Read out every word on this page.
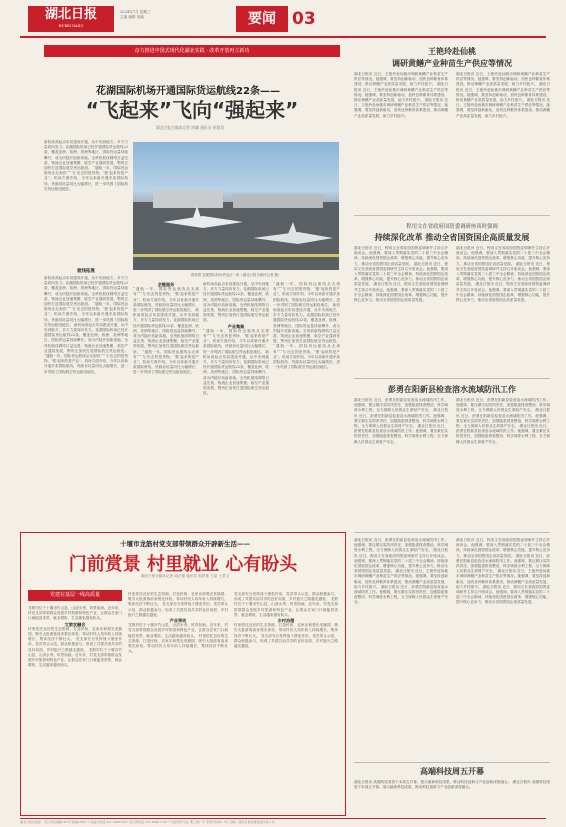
湖北日报
HUBEI DAILY
2024年7月 星期三
主编 编辑 美编	要闻 03
奋力推进中国式现代化湖北实践 · 改革开放再立新功
花湖国际机场开通国际货运航线22条——
“飞起来”飞向“强起来”
湖北日报全媒体记者 周璐 通讯员 胡晨炅
新机场高起点布局建设开通，从中央到地方，多方力量同向发力。花湖国际机场已经开通国际货运航线22条，覆盖亚洲、欧洲、美洲等地区，国际货运量持续攀升，成为内陆开放新高地。全货机航线网络日益完善，物流企业加速集聚，临空产业蓬勃发展，鄂州正加快打造国际航空货运枢纽。 “通航一年，国际货运航线从无到有”“‘飞’出去的是货物，‘强’起来的是产业”。机场方面介绍，今年以来新开通多条国际航线，货邮吞吐量同比大幅增长，进一步巩固了国际航空货运枢纽地位。
航线拓展
新机场高起点布局建设开通，从中央到地方，多方力量同向发力。花湖国际机场已经开通国际货运航线22条，覆盖亚洲、欧洲、美洲等地区，国际货运量持续攀升，成为内陆开放新高地。全货机航线网络日益完善，物流企业加速集聚，临空产业蓬勃发展，鄂州正加快打造国际航空货运枢纽。 “通航一年，国际货运航线从无到有”“‘飞’出去的是货物，‘强’起来的是产业”。机场方面介绍，今年以来新开通多条国际航线，货邮吞吐量同比大幅增长，进一步巩固了国际航空货运枢纽地位。 新机场高起点布局建设开通，从中央到地方，多方力量同向发力。花湖国际机场已经开通国际货运航线22条，覆盖亚洲、欧洲、美洲等地区，国际货运量持续攀升，成为内陆开放新高地。全货机航线网络日益完善，物流企业加速集聚，临空产业蓬勃发展，鄂州正加快打造国际航空货运枢纽。 “通航一年，国际货运航线从无到有”“‘飞’出去的是货物，‘强’起来的是产业”。机场方面介绍，今年以来新开通多条国际航线，货邮吞吐量同比大幅增长，进一步巩固了国际航空货运枢纽地位。
资料图 花湖国际机场货运区一角（湖北日报全媒体记者 摄）
全链服务
“通航一年，国际货运航线从无到有”“‘飞’出去的是货物，‘强’起来的是产业”。机场方面介绍，今年以来新开通多条国际航线，货邮吞吐量同比大幅增长，进一步巩固了国际航空货运枢纽地位。 新机场高起点布局建设开通，从中央到地方，多方力量同向发力。花湖国际机场已经开通国际货运航线22条，覆盖亚洲、欧洲、美洲等地区，国际货运量持续攀升，成为内陆开放新高地。全货机航线网络日益完善，物流企业加速集聚，临空产业蓬勃发展，鄂州正加快打造国际航空货运枢纽。 “通航一年，国际货运航线从无到有”“‘飞’出去的是货物，‘强’起来的是产业”。机场方面介绍，今年以来新开通多条国际航线，货邮吞吐量同比大幅增长，进一步巩固了国际航空货运枢纽地位。
新机场高起点布局建设开通，从中央到地方，多方力量同向发力。花湖国际机场已经开通国际货运航线22条，覆盖亚洲、欧洲、美洲等地区，国际货运量持续攀升，成为内陆开放新高地。全货机航线网络日益完善，物流企业加速集聚，临空产业蓬勃发展，鄂州正加快打造国际航空货运枢纽。
产业集聚
“通航一年，国际货运航线从无到有”“‘飞’出去的是货物，‘强’起来的是产业”。机场方面介绍，今年以来新开通多条国际航线，货邮吞吐量同比大幅增长，进一步巩固了国际航空货运枢纽地位。 新机场高起点布局建设开通，从中央到地方，多方力量同向发力。花湖国际机场已经开通国际货运航线22条，覆盖亚洲、欧洲、美洲等地区，国际货运量持续攀升，成为内陆开放新高地。全货机航线网络日益完善，物流企业加速集聚，临空产业蓬勃发展，鄂州正加快打造国际航空货运枢纽。
“通航一年，国际货运航线从无到有”“‘飞’出去的是货物，‘强’起来的是产业”。机场方面介绍，今年以来新开通多条国际航线，货邮吞吐量同比大幅增长，进一步巩固了国际航空货运枢纽地位。 新机场高起点布局建设开通，从中央到地方，多方力量同向发力。花湖国际机场已经开通国际货运航线22条，覆盖亚洲、欧洲、美洲等地区，国际货运量持续攀升，成为内陆开放新高地。全货机航线网络日益完善，物流企业加速集聚，临空产业蓬勃发展，鄂州正加快打造国际航空货运枢纽。 “通航一年，国际货运航线从无到有”“‘飞’出去的是货物，‘强’起来的是产业”。机场方面介绍，今年以来新开通多条国际航线，货邮吞吐量同比大幅增长，进一步巩固了国际航空货运枢纽地位。
王艳玲赴仙桃
调研黄鳝产业种苗生产供应等情况
湖北日报讯 近日，王艳玲赴仙桃市调研黄鳝产业种苗生产供应等情况。她强调，要坚持创新驱动，加快良种繁育体系建设，推动黄鳝产业高质量发展，助力乡村振兴。 湖北日报讯 近日，王艳玲赴仙桃市调研黄鳝产业种苗生产供应等情况。她强调，要坚持创新驱动，加快良种繁育体系建设，推动黄鳝产业高质量发展，助力乡村振兴。 湖北日报讯 近日，王艳玲赴仙桃市调研黄鳝产业种苗生产供应等情况。她强调，要坚持创新驱动，加快良种繁育体系建设，推动黄鳝产业高质量发展，助力乡村振兴。
湖北日报讯 近日，王艳玲赴仙桃市调研黄鳝产业种苗生产供应等情况。她强调，要坚持创新驱动，加快良种繁育体系建设，推动黄鳝产业高质量发展，助力乡村振兴。 湖北日报讯 近日，王艳玲赴仙桃市调研黄鳝产业种苗生产供应等情况。她强调，要坚持创新驱动，加快良种繁育体系建设，推动黄鳝产业高质量发展，助力乡村振兴。 湖北日报讯 近日，王艳玲赴仙桃市调研黄鳝产业种苗生产供应等情况。她强调，要坚持创新驱动，加快良种繁育体系建设，推动黄鳝产业高质量发展，助力乡村振兴。
程用文在省政府国资委调研座谈时强调
持续深化改革 推动全省国资国企高质量发展
湖北日报讯 近日，程用文在省政府国资委调研并主持召开座谈会。他强调，要深入贯彻落实党的二十届三中全会精神，持续深化国资国企改革，增强核心功能，提升核心竞争力，推动全省国资国企高质量发展。 湖北日报讯 近日，程用文在省政府国资委调研并主持召开座谈会。他强调，要深入贯彻落实党的二十届三中全会精神，持续深化国资国企改革，增强核心功能，提升核心竞争力，推动全省国资国企高质量发展。 湖北日报讯 近日，程用文在省政府国资委调研并主持召开座谈会。他强调，要深入贯彻落实党的二十届三中全会精神，持续深化国资国企改革，增强核心功能，提升核心竞争力，推动全省国资国企高质量发展。
湖北日报讯 近日，程用文在省政府国资委调研并主持召开座谈会。他强调，要深入贯彻落实党的二十届三中全会精神，持续深化国资国企改革，增强核心功能，提升核心竞争力，推动全省国资国企高质量发展。 湖北日报讯 近日，程用文在省政府国资委调研并主持召开座谈会。他强调，要深入贯彻落实党的二十届三中全会精神，持续深化国资国企改革，增强核心功能，提升核心竞争力，推动全省国资国企高质量发展。 湖北日报讯 近日，程用文在省政府国资委调研并主持召开座谈会。他强调，要深入贯彻落实党的二十届三中全会精神，持续深化国资国企改革，增强核心功能，提升核心竞争力，推动全省国资国企高质量发展。
彭勇在阳新县检查溶水流域防汛工作
湖北日报讯 近日，彭勇在阳新县检查溶水流域防汛工作。他强调，要压紧压实防汛责任，加强隐患排查整治，科学调度水利工程，全力保障人民群众生命财产安全。 湖北日报讯 近日，彭勇在阳新县检查溶水流域防汛工作。他强调，要压紧压实防汛责任，加强隐患排查整治，科学调度水利工程，全力保障人民群众生命财产安全。 湖北日报讯 近日，彭勇在阳新县检查溶水流域防汛工作。他强调，要压紧压实防汛责任，加强隐患排查整治，科学调度水利工程，全力保障人民群众生命财产安全。
湖北日报讯 近日，彭勇在阳新县检查溶水流域防汛工作。他强调，要压紧压实防汛责任，加强隐患排查整治，科学调度水利工程，全力保障人民群众生命财产安全。 湖北日报讯 近日，彭勇在阳新县检查溶水流域防汛工作。他强调，要压紧压实防汛责任，加强隐患排查整治，科学调度水利工程，全力保障人民群众生命财产安全。 湖北日报讯 近日，彭勇在阳新县检查溶水流域防汛工作。他强调，要压紧压实防汛责任，加强隐患排查整治，科学调度水利工程，全力保障人民群众生命财产安全。
湖北日报讯 近日，彭勇在阳新县检查溶水流域防汛工作。他强调，要压紧压实防汛责任，加强隐患排查整治，科学调度水利工程，全力保障人民群众生命财产安全。 湖北日报讯 近日，程用文在省政府国资委调研并主持召开座谈会。他强调，要深入贯彻落实党的二十届三中全会精神，持续深化国资国企改革，增强核心功能，提升核心竞争力，推动全省国资国企高质量发展。 湖北日报讯 近日，王艳玲赴仙桃市调研黄鳝产业种苗生产供应等情况。她强调，要坚持创新驱动，加快良种繁育体系建设，推动黄鳝产业高质量发展，助力乡村振兴。 湖北日报讯 近日，彭勇在阳新县检查溶水流域防汛工作。他强调，要压紧压实防汛责任，加强隐患排查整治，科学调度水利工程，全力保障人民群众生命财产安全。
湖北日报讯 近日，程用文在省政府国资委调研并主持召开座谈会。他强调，要深入贯彻落实党的二十届三中全会精神，持续深化国资国企改革，增强核心功能，提升核心竞争力，推动全省国资国企高质量发展。 湖北日报讯 近日，彭勇在阳新县检查溶水流域防汛工作。他强调，要压紧压实防汛责任，加强隐患排查整治，科学调度水利工程，全力保障人民群众生命财产安全。 湖北日报讯 近日，王艳玲赴仙桃市调研黄鳝产业种苗生产供应等情况。她强调，要坚持创新驱动，加快良种繁育体系建设，推动黄鳝产业高质量发展，助力乡村振兴。 湖北日报讯 近日，程用文在省政府国资委调研并主持召开座谈会。他强调，要深入贯彻落实党的二十届三中全会精神，持续深化国资国企改革，增强核心功能，提升核心竞争力，推动全省国资国企高质量发展。
高端科技周五开幕
湖北日报讯 高端科技周将于本周五开幕，展示最新科技成果，推动科技创新与产业创新深度融合。 湖北日报讯 高端科技周将于本周五开幕，展示最新科技成果，推动科技创新与产业创新深度融合。
十堰市龙筋村党支部带领群众开辟新生活——
门前赏景 村里就业 心有盼头
湖北日报全媒体记者 周正德 通讯员 郭铁林 王晶 王君文
党建在基层一线高质量
龙筋村位于十堰市竹山县，山清水秀，风景如画。近年来，村党支部带领群众发展乡村旅游和特色产业，让群众在家门口就能赏美景、就业增收，生活越来越有盼头。
文旅农融合
村里依托良好的生态资源，打造民宿、农家乐和观光采摘园，吸引大批游客前来观光体验，带动村民人均年收入持续增长，集体经济不断壮大。 党支部充分发挥战斗堡垒作用，党员带头示范，群众积极参与，形成了共建共治共享的良好局面，乡村振兴之路越走越宽。 龙筋村位于十堰市竹山县，山清水秀，风景如画。近年来，村党支部带领群众发展乡村旅游和特色产业，让群众在家门口就能赏美景、就业增收，生活越来越有盼头。
村里依托良好的生态资源，打造民宿、农家乐和观光采摘园，吸引大批游客前来观光体验，带动村民人均年收入持续增长，集体经济不断壮大。 党支部充分发挥战斗堡垒作用，党员带头示范，群众积极参与，形成了共建共治共享的良好局面，乡村振兴之路越走越宽。
产业带动
龙筋村位于十堰市竹山县，山清水秀，风景如画。近年来，村党支部带领群众发展乡村旅游和特色产业，让群众在家门口就能赏美景、就业增收，生活越来越有盼头。 村里依托良好的生态资源，打造民宿、农家乐和观光采摘园，吸引大批游客前来观光体验，带动村民人均年收入持续增长，集体经济不断壮大。
党支部充分发挥战斗堡垒作用，党员带头示范，群众积极参与，形成了共建共治共享的良好局面，乡村振兴之路越走越宽。 龙筋村位于十堰市竹山县，山清水秀，风景如画。近年来，村党支部带领群众发展乡村旅游和特色产业，让群众在家门口就能赏美景、就业增收，生活越来越有盼头。
乡村治理
村里依托良好的生态资源，打造民宿、农家乐和观光采摘园，吸引大批游客前来观光体验，带动村民人均年收入持续增长，集体经济不断壮大。 党支部充分发挥战斗堡垒作用，党员带头示范，群众积极参与，形成了共建共治共享的良好局面，乡村振兴之路越走越宽。
湖北日报社地址：武汉市东湖路181号 邮编430077 总编办电话 027-88567001 发行部电话 027-88567150 广告经营许可证 鄂工商广字 零售价每份1.5元 印刷：湖北日报传媒集团印务公司
